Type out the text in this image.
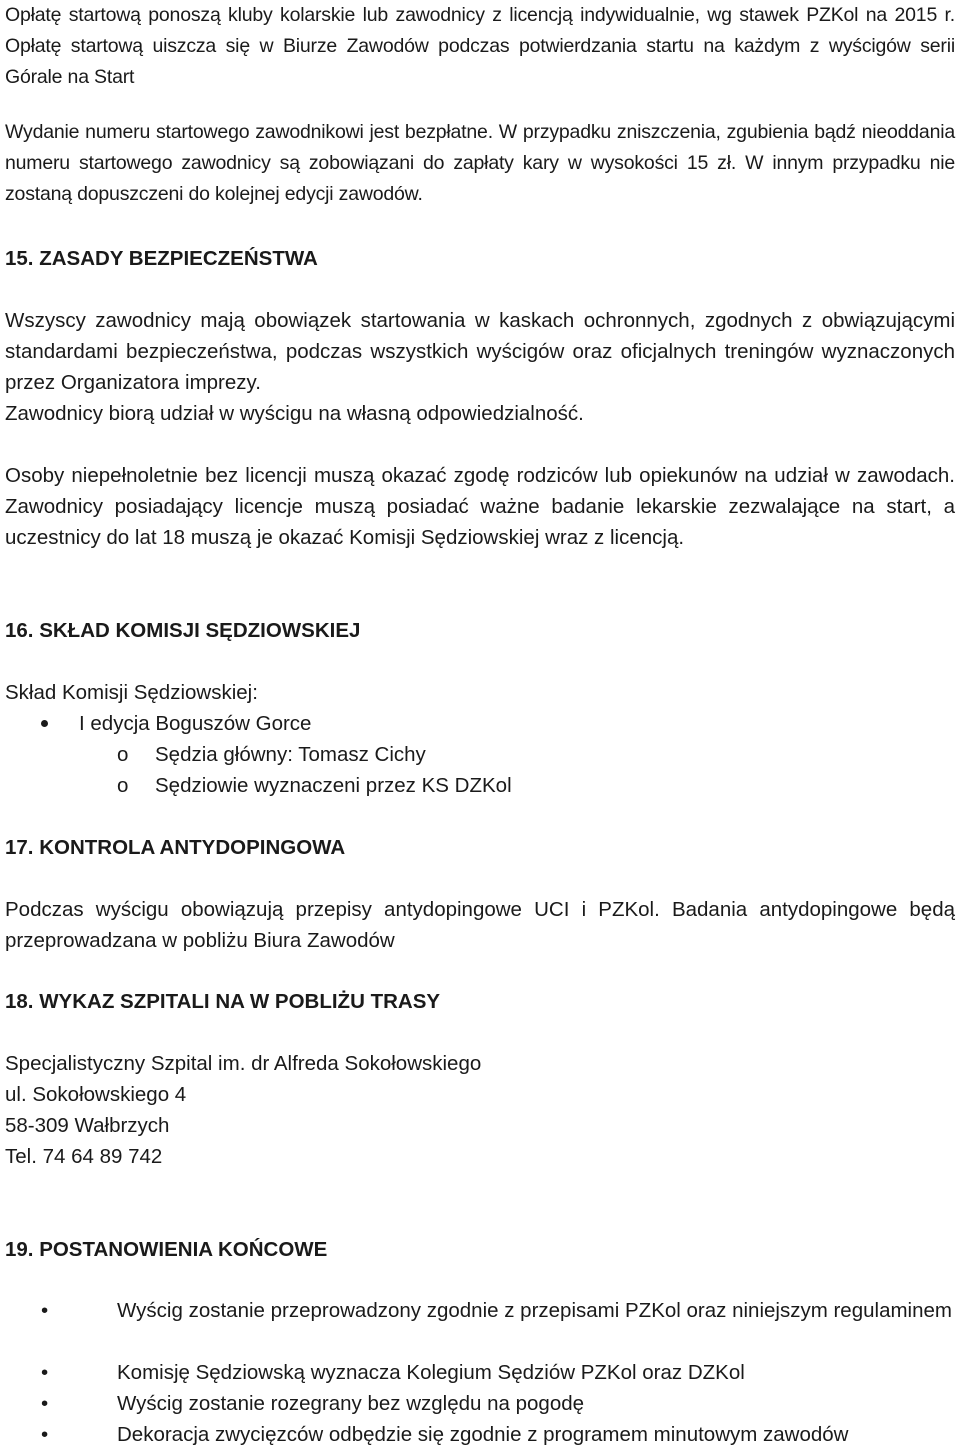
Opłatę startową ponoszą kluby kolarskie lub zawodnicy z licencją indywidualnie, wg stawek PZKol na 2015 r. Opłatę startową uiszcza się w Biurze Zawodów podczas potwierdzania startu na każdym z wyścigów serii Górale na Start

Wydanie numeru startowego zawodnikowi jest bezpłatne. W przypadku zniszczenia, zgubienia bądź nieoddania numeru startowego zawodnicy są zobowiązani do zapłaty kary w wysokości 15 zł. W innym przypadku nie zostaną dopuszczeni do kolejnej edycji zawodów.

15. ZASADY BEZPIECZEŃSTWA

Wszyscy zawodnicy mają obowiązek startowania w kaskach ochronnych, zgodnych z obwiązującymi standardami bezpieczeństwa, podczas wszystkich wyścigów oraz oficjalnych treningów wyznaczonych przez Organizatora imprezy.

Zawodnicy biorą udział w wyścigu na własną odpowiedzialność.

Osoby niepełnoletnie bez licencji muszą okazać zgodę rodziców lub opiekunów na udział w zawodach. Zawodnicy posiadający licencje muszą posiadać ważne badanie lekarskie zezwalające na start, a uczestnicy do lat 18 muszą je okazać Komisji Sędziowskiej wraz z licencją.

16. SKŁAD KOMISJI SĘDZIOWSKIEJ

Skład Komisji Sędziowskiej:

I edycja Boguszów Gorce

o Sędzia główny: Tomasz Cichy

o Sędziowie wyznaczeni przez KS DZKol

17. KONTROLA ANTYDOPINGOWA

Podczas wyścigu obowiązują przepisy antydopingowe UCI i PZKol. Badania antydopingowe będą przeprowadzana w pobliżu Biura Zawodów

18. WYKAZ SZPITALI NA W POBLIŻU TRASY

Specjalistyczny Szpital im. dr Alfreda Sokołowskiego

ul. Sokołowskiego 4

58-309 Wałbrzych

Tel. 74 64 89 742

19. POSTANOWIENIA KOŃCOWE

•	Wyścig zostanie przeprowadzony zgodnie z przepisami PZKol oraz niniejszym regulaminem

•	Komisję Sędziowską wyznacza Kolegium Sędziów PZKol oraz DZKol

•	Wyścig zostanie rozegrany bez względu na pogodę

•	Dekoracja zwycięzców odbędzie się zgodnie z programem minutowym zawodów
